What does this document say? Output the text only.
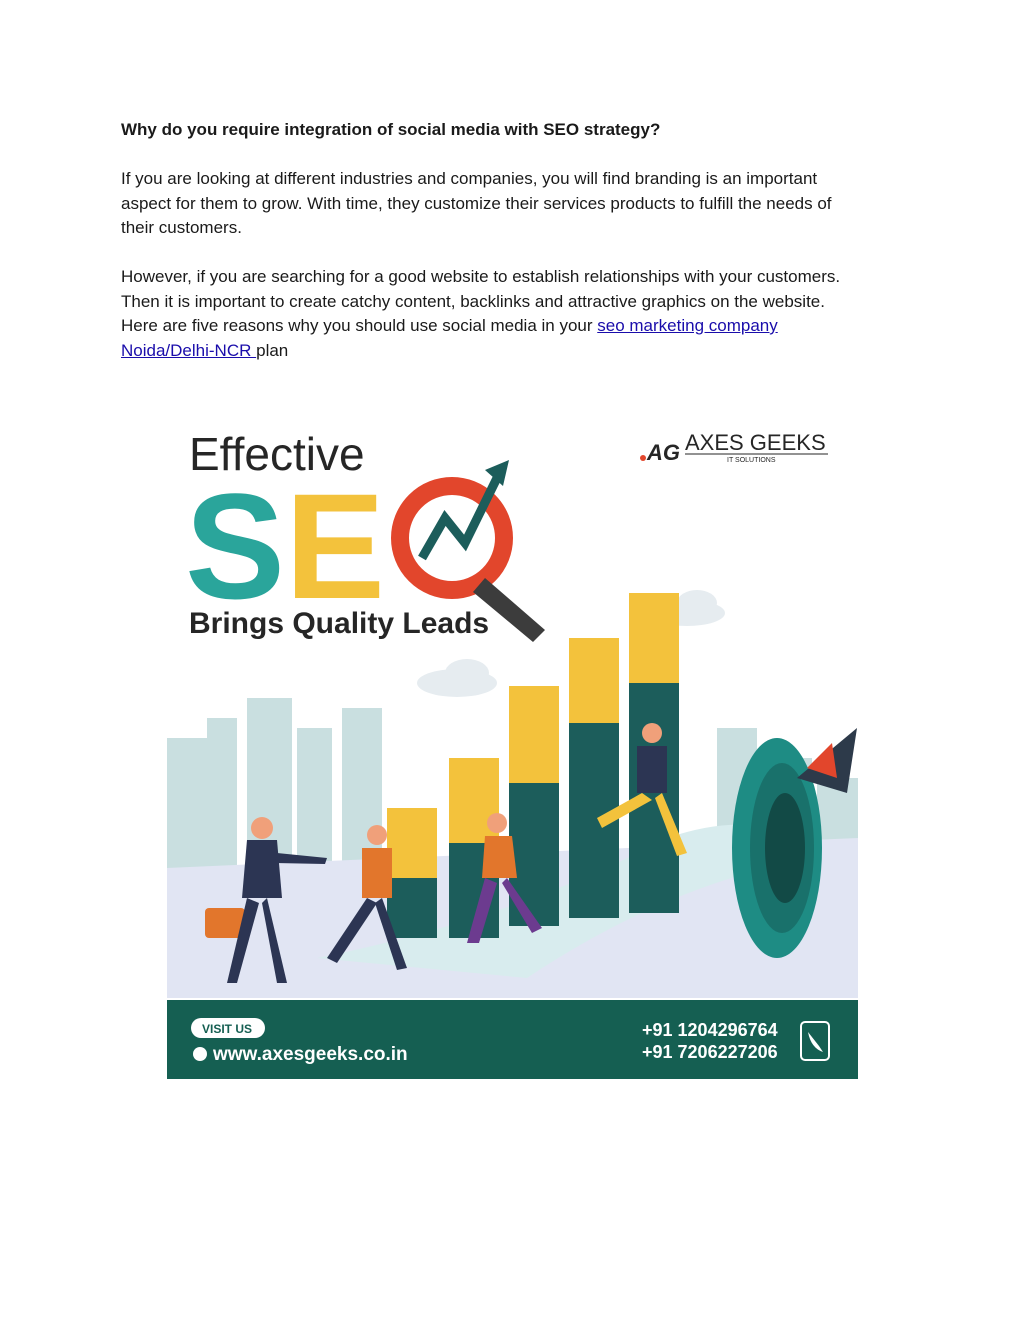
Why do you require integration of social media with SEO strategy?

If you are looking at different industries and companies, you will find branding is an important
aspect for them to grow. With time, they customize their services products to fulfill the needs of
their customers.

However, if you are searching for a good website to establish relationships with your customers.
Then it is important to create catchy content, backlinks and attractive graphics on the website.
Here are five reasons why you should use social media in your seo marketing company
Noida/Delhi-NCR plan

Effective
S E
Brings Quality Leads
AG AXES GEEKS
IT SOLUTIONS
VISIT US
www.axesgeeks.co.in
+91 1204296764
+91 7206227206
